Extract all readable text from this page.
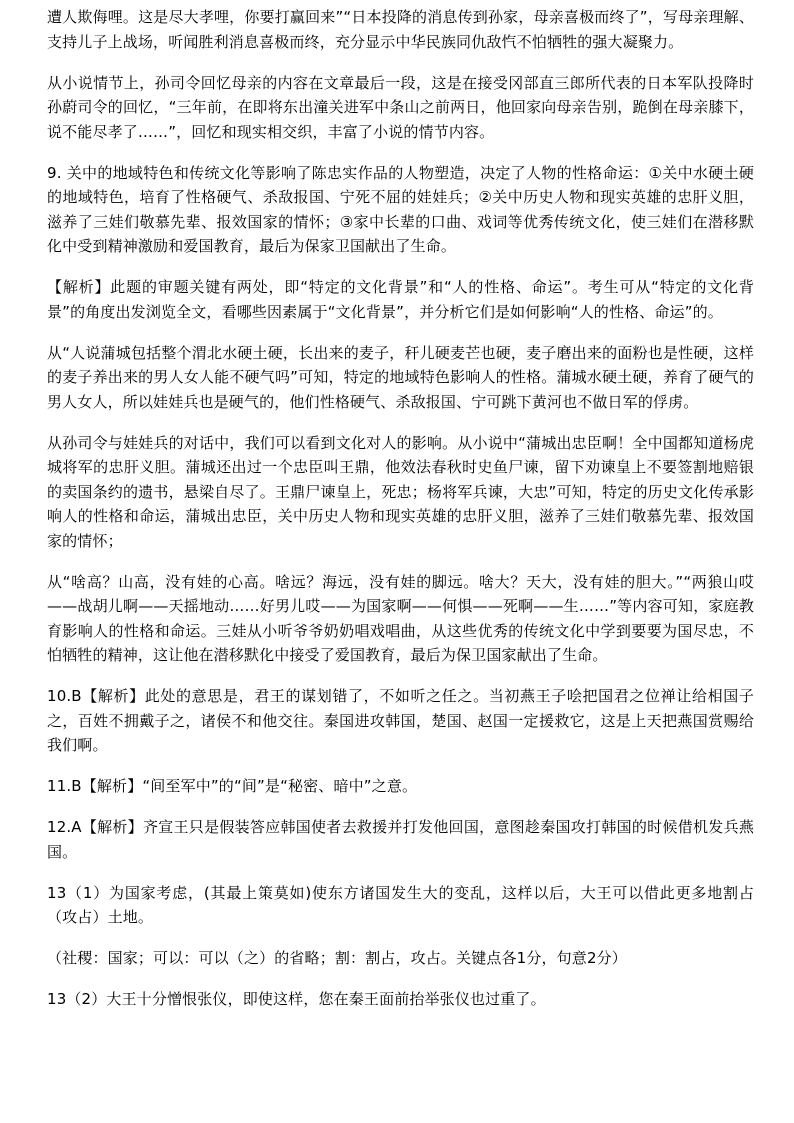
遭人欺侮哩。这是尽大孝哩，你要打赢回来”“日本投降的消息传到孙家，母亲喜极而终了”，写母亲理解、支持儿子上战场，听闻胜利消息喜极而终，充分显示中华民族同仇敌忾不怕牺牲的强大凝聚力。

从小说情节上，孙司令回忆母亲的内容在文章最后一段，这是在接受冈部直三郎所代表的日本军队投降时孙蔚司令的回忆，“三年前，在即将东出潼关进军中条山之前两日，他回家向母亲告别，跪倒在母亲膝下，说不能尽孝了……”，回忆和现实相交织，丰富了小说的情节内容。

9. 关中的地域特色和传统文化等影响了陈忠实作品的人物塑造，决定了人物的性格命运：①关中水硬土硬的地域特色，培育了性格硬气、杀敌报国、宁死不屈的娃娃兵；②关中历史人物和现实英雄的忠肝义胆，滋养了三娃们敬慕先辈、报效国家的情怀；③家中长辈的口曲、戏词等优秀传统文化，使三娃们在潜移默化中受到精神激励和爱国教育，最后为保家卫国献出了生命。

【解析】此题的审题关键有两处，即“特定的文化背景”和“人的性格、命运”。考生可从“特定的文化背景”的角度出发浏览全文，看哪些因素属于“文化背景”，并分析它们是如何影响“人的性格、命运”的。

从“人说蒲城包括整个渭北水硬土硬，长出来的麦子，秆儿硬麦芒也硬，麦子磨出来的面粉也是性硬，这样的麦子养出来的男人女人能不硬气吗”可知，特定的地域特色影响人的性格。蒲城水硬土硬，养育了硬气的男人女人，所以娃娃兵也是硬气的，他们性格硬气、杀敌报国、宁可跳下黄河也不做日军的俘虏。

从孙司令与娃娃兵的对话中，我们可以看到文化对人的影响。从小说中“蒲城出忠臣啊！全中国都知道杨虎城将军的忠肝义胆。蒲城还出过一个忠臣叫王鼎，他效法春秋时史鱼尸谏，留下劝谏皇上不要签割地赔银的卖国条约的遗书，悬梁自尽了。王鼎尸谏皇上，死忠；杨将军兵谏，大忠”可知，特定的历史文化传承影响人的性格和命运，蒲城出忠臣，关中历史人物和现实英雄的忠肝义胆，滋养了三娃们敬慕先辈、报效国家的情怀；

从“啥高？山高，没有娃的心高。啥远？海远，没有娃的脚远。啥大？天大，没有娃的胆大。”“两狼山哎——战胡儿啊——天摇地动……好男儿哎——为国家啊——何惧——死啊——生……”等内容可知，家庭教育影响人的性格和命运。三娃从小听爷爷奶奶唱戏唱曲，从这些优秀的传统文化中学到要要为国尽忠，不怕牺牲的精神，这让他在潜移默化中接受了爱国教育，最后为保卫国家献出了生命。

10.B【解析】此处的意思是，君王的谋划错了，不如听之任之。当初燕王子哙把国君之位禅让给相国子之，百姓不拥戴子之，诸侯不和他交往。秦国进攻韩国，楚国、赵国一定援救它，这是上天把燕国赏赐给我们啊。

11.B【解析】“间至军中”的“间”是“秘密、暗中”之意。

12.A【解析】齐宣王只是假装答应韩国使者去救援并打发他回国，意图趁秦国攻打韩国的时候借机发兵燕国。

13（1）为国家考虑，(其最上策莫如)使东方诸国发生大的变乱，这样以后，大王可以借此更多地割占（攻占）土地。

（社稷：国家；可以：可以（之）的省略；割：割占，攻占。关键点各1分，句意2分）

13（2）大王十分憎恨张仪，即使这样，您在秦王面前抬举张仪也过重了。
